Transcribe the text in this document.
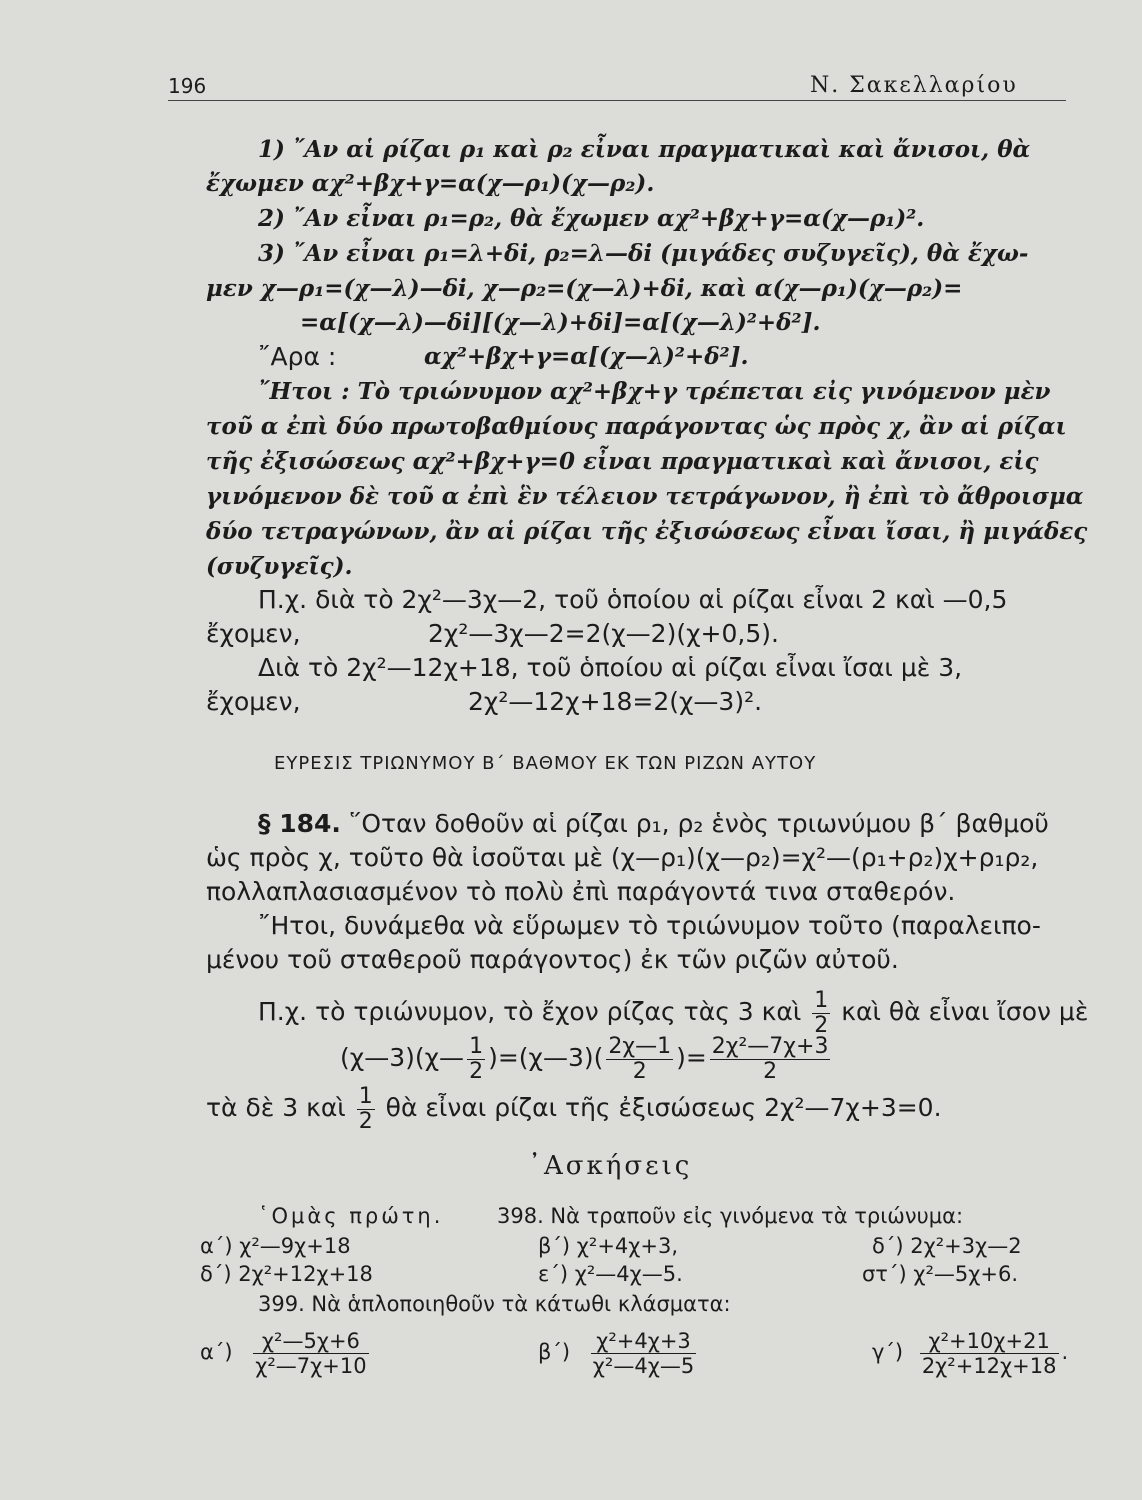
196	Ν. Σακελλαρίου
1) ῎Αν αἱ ρίζαι ρ₁ καὶ ρ₂ εἶναι πραγματικαὶ καὶ ἄνισοι, θὰ
ἔχωμεν αχ²+βχ+γ=α(χ—ρ₁)(χ—ρ₂).
2) ῎Αν εἶναι ρ₁=ρ₂, θὰ ἔχωμεν αχ²+βχ+γ=α(χ—ρ₁)².
3) ῎Αν εἶναι ρ₁=λ+δi, ρ₂=λ—δi (μιγάδες συζυγεῖς), θὰ ἔχω-
μεν χ—ρ₁=(χ—λ)—δi, χ—ρ₂=(χ—λ)+δi, καὶ α(χ—ρ₁)(χ—ρ₂)=
=α[(χ—λ)—δi][(χ—λ)+δi]=α[(χ—λ)²+δ²].
῎Αρα :	αχ²+βχ+γ=α[(χ—λ)²+δ²].
῎Ητοι : Τὸ τριώνυμον αχ²+βχ+γ τρέπεται εἰς γινόμενον μὲν
τοῦ α ἐπὶ δύο πρωτοβαθμίους παράγοντας ὡς πρὸς χ, ἂν αἱ ρίζαι
τῆς ἐξισώσεως αχ²+βχ+γ=0 εἶναι πραγματικαὶ καὶ ἄνισοι, εἰς
γινόμενον δὲ τοῦ α ἐπὶ ἓν τέλειον τετράγωνον, ἢ ἐπὶ τὸ ἄθροισμα
δύο τετραγώνων, ἂν αἱ ρίζαι τῆς ἐξισώσεως εἶναι ἴσαι, ἢ μιγάδες
(συζυγεῖς).
Π.χ. διὰ τὸ 2χ²—3χ—2, τοῦ ὁποίου αἱ ρίζαι εἶναι 2 καὶ —0,5
ἔχομεν,	2χ²—3χ—2=2(χ—2)(χ+0,5).
Διὰ τὸ 2χ²—12χ+18, τοῦ ὁποίου αἱ ρίζαι εἶναι ἴσαι μὲ 3,
ἔχομεν,	2χ²—12χ+18=2(χ—3)².
ΕΥΡΕΣΙΣ ΤΡΙΩΝΥΜΟΥ Β΄ ΒΑΘΜΟΥ ΕΚ ΤΩΝ ΡΙΖΩΝ ΑΥΤΟΥ
§ 184. ῞Οταν δοθοῦν αἱ ρίζαι ρ₁, ρ₂ ἑνὸς τριωνύμου β΄ βαθμοῦ
ὡς πρὸς χ, τοῦτο θὰ ἰσοῦται μὲ (χ—ρ₁)(χ—ρ₂)=χ²—(ρ₁+ρ₂)χ+ρ₁ρ₂,
πολλαπλασιασμένον τὸ πολὺ ἐπὶ παράγοντά τινα σταθερόν.
῎Ητοι, δυνάμεθα νὰ εὕρωμεν τὸ τριώνυμον τοῦτο (παραλειπο-
μένου τοῦ σταθεροῦ παράγοντος) ἐκ τῶν ριζῶν αὐτοῦ.
Π.χ. τὸ τριώνυμον, τὸ ἔχον ρίζας τὰς 3 καὶ $\frac{1}{2}$ καὶ θὰ εἶναι ἴσον μὲ
(χ—3)(χ— $\frac{1}{2}$ )=(χ—3)( $\frac{2\chi—1}{2}$ )= $\frac{\text{2χ²—7χ+3}}{2}$
τὰ δὲ 3 καὶ $\frac{1}{2}$ θὰ εἶναι ρίζαι τῆς ἐξισώσεως 2χ²—7χ+3=0.
᾿Ασκήσεις
῾Ομὰς πρώτη.	398. Νὰ τραποῦν εἰς γινόμενα τὰ τριώνυμα:
α΄) χ²—9χ+18	β΄) χ²+4χ+3,	δ΄) 2χ²+3χ—2
δ΄) 2χ²+12χ+18	ε΄) χ²—4χ—5.	στ΄) χ²—5χ+6.
399. Νὰ ἁπλοποιηθοῦν τὰ κάτωθι κλάσματα:
$\alpha΄) \frac{\text{χ²—5χ+6}}{\text{χ²—7χ+10}}$	$\beta΄) \frac{\text{χ²+4χ+3}}{\text{χ²—4χ—5}}$	$\gamma΄) \frac{\text{χ²+10χ+21}}{\text{2χ²+12χ+18}}$ .
